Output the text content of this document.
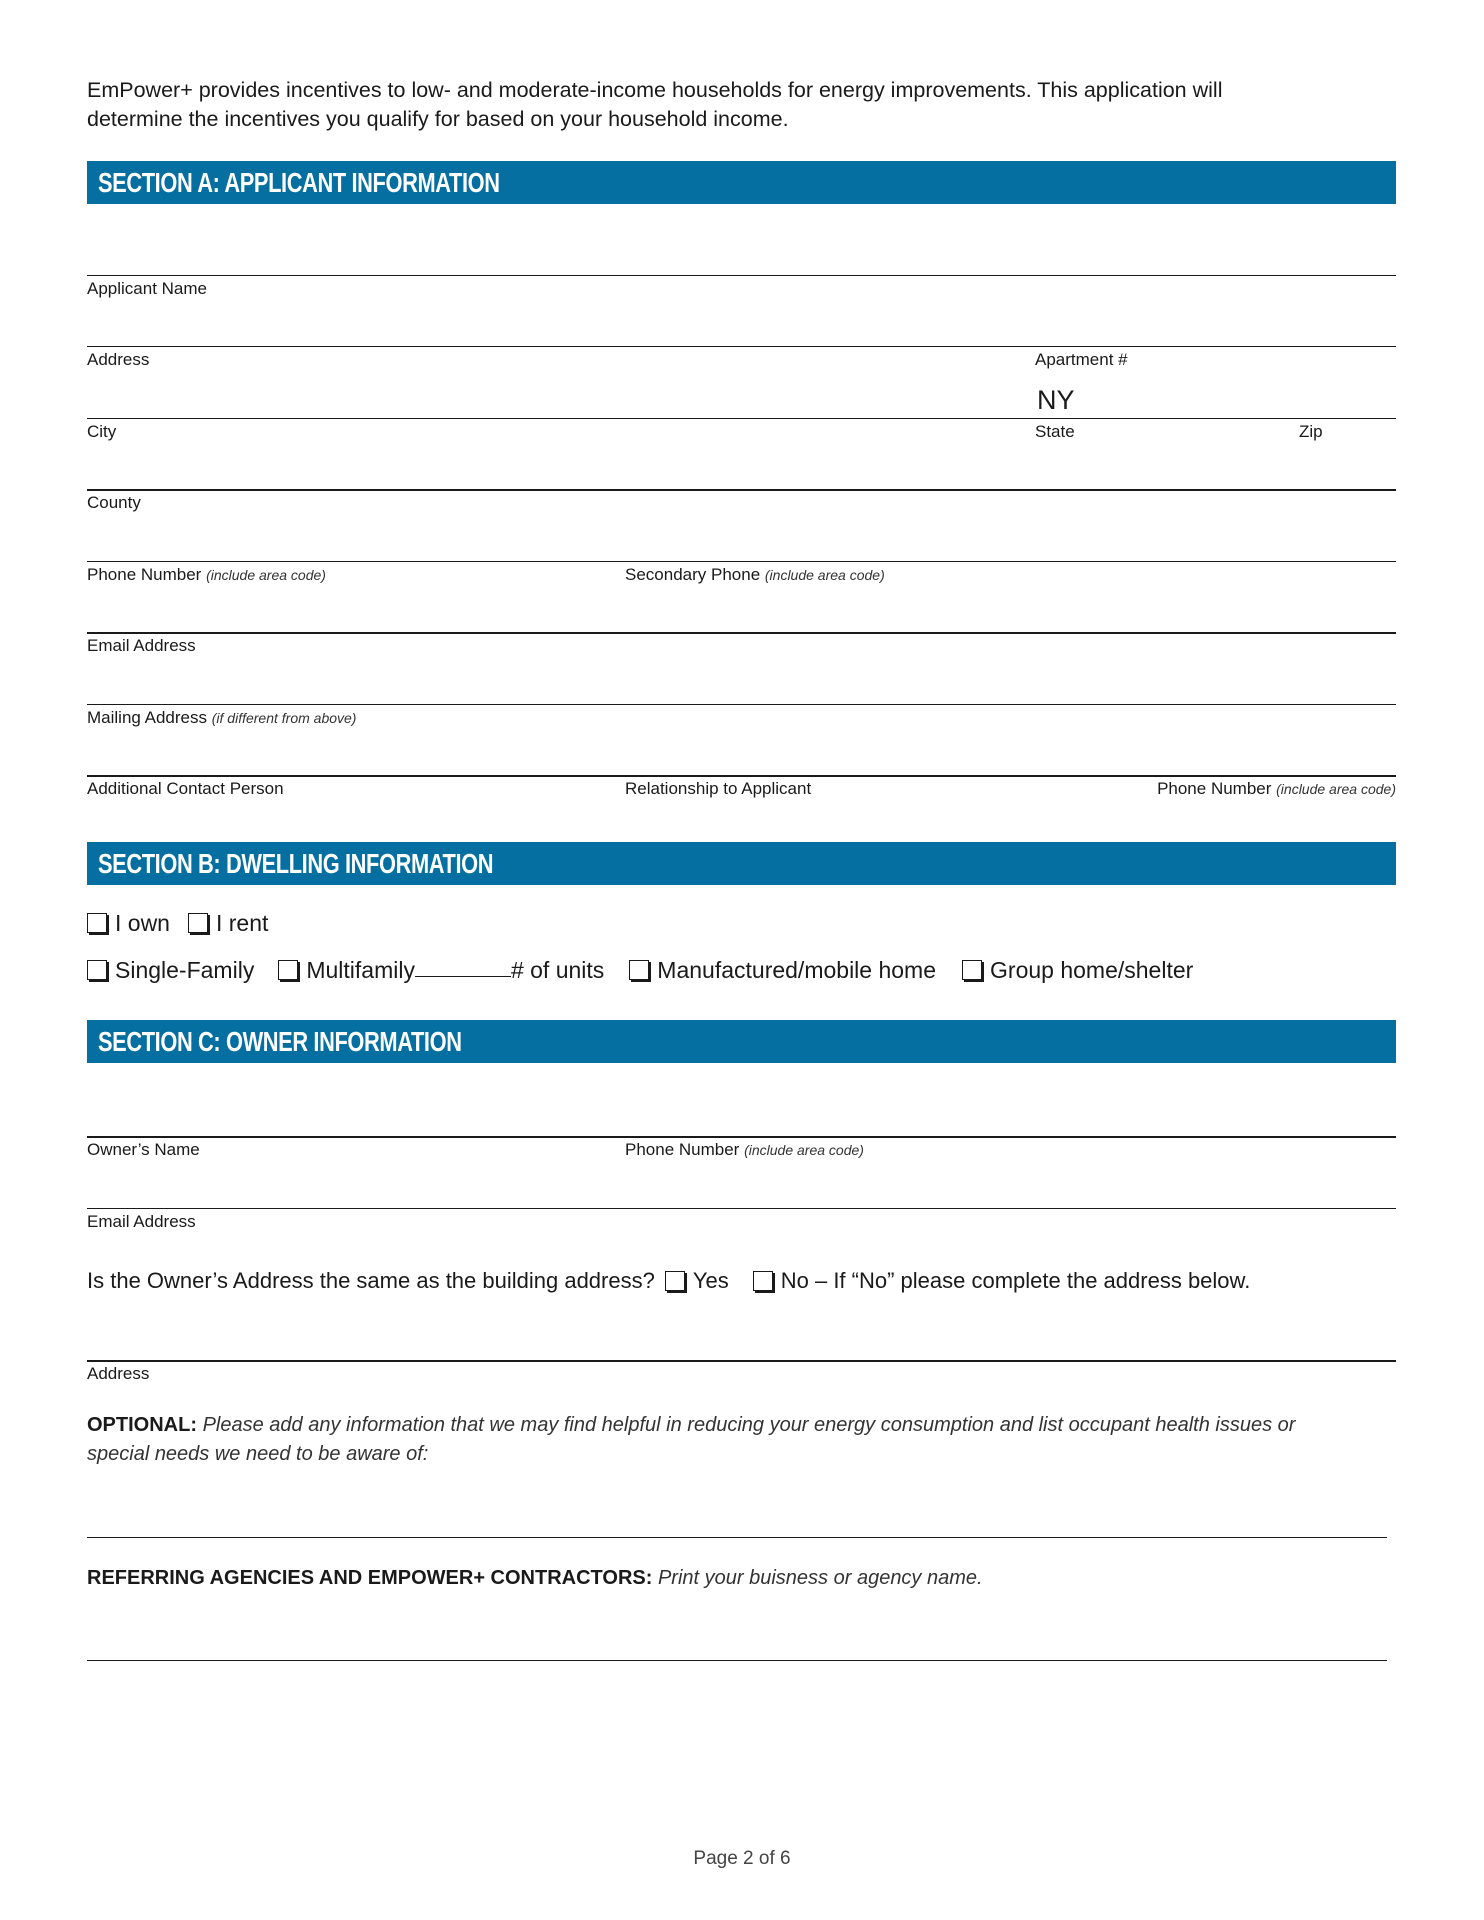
EmPower+ provides incentives to low- and moderate-income households for energy improvements. This application will
determine the incentives you qualify for based on your household income.
SECTION A: APPLICANT INFORMATION
Applicant Name
Address	Apartment #
NY
City	State	Zip
County
Phone Number (include area code)	Secondary Phone (include area code)
Email Address
Mailing Address (if different from above)
Additional Contact Person	Relationship to Applicant	Phone Number (include area code)
SECTION B: DWELLING INFORMATION
I own I rent
Single-Family Multifamily	# of units Manufactured/mobile home Group home/shelter
SECTION C: OWNER INFORMATION
Owner’s Name	Phone Number (include area code)
Email Address
Is the Owner’s Address the same as the building address? Yes No – If “No” please complete the address below.
Address
OPTIONAL: Please add any information that we may find helpful in reducing your energy consumption and list occupant health issues or
special needs we need to be aware of:
REFERRING AGENCIES AND EMPOWER+ CONTRACTORS: Print your buisness or agency name.
Page 2 of 6
